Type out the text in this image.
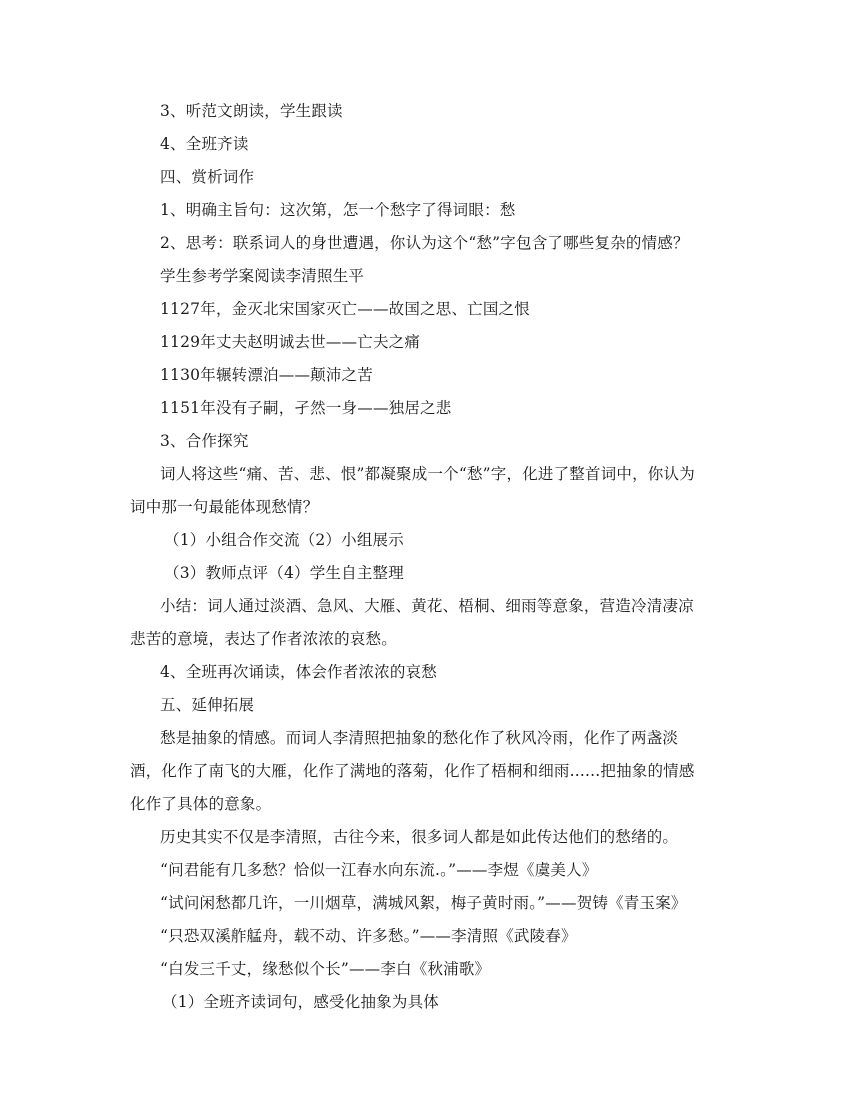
3、听范文朗读，学生跟读
4、全班齐读
四、赏析词作
1、明确主旨句：这次第，怎一个愁字了得词眼：愁
2、思考：联系词人的身世遭遇，你认为这个“愁”字包含了哪些复杂的情感？
学生参考学案阅读李清照生平
1127年，金灭北宋国家灭亡——故国之思、亡国之恨
1129年丈夫赵明诚去世——亡夫之痛
1130年辗转漂泊——颠沛之苦
1151年没有子嗣，孑然一身——独居之悲
3、合作探究
词人将这些“痛、苦、悲、恨”都凝聚成一个“愁”字，化进了整首词中，你认为
词中那一句最能体现愁情？
（1）小组合作交流（2）小组展示
（3）教师点评（4）学生自主整理
小结：词人通过淡酒、急风、大雁、黄花、梧桐、细雨等意象，营造冷清凄凉
悲苦的意境，表达了作者浓浓的哀愁。
4、全班再次诵读，体会作者浓浓的哀愁
五、延伸拓展
愁是抽象的情感。而词人李清照把抽象的愁化作了秋风冷雨，化作了两盏淡
酒，化作了南飞的大雁，化作了满地的落菊，化作了梧桐和细雨......把抽象的情感
化作了具体的意象。
历史其实不仅是李清照，古往今来，很多词人都是如此传达他们的愁绪的。
“问君能有几多愁？恰似一江春水向东流.。”——李煜《虞美人》
“试问闲愁都几许，一川烟草，满城风絮，梅子黄时雨。”——贺铸《青玉案》
“只恐双溪舴艋舟，载不动、许多愁。”——李清照《武陵春》
“白发三千丈，缘愁似个长”——李白《秋浦歌》
（1）全班齐读词句，感受化抽象为具体
